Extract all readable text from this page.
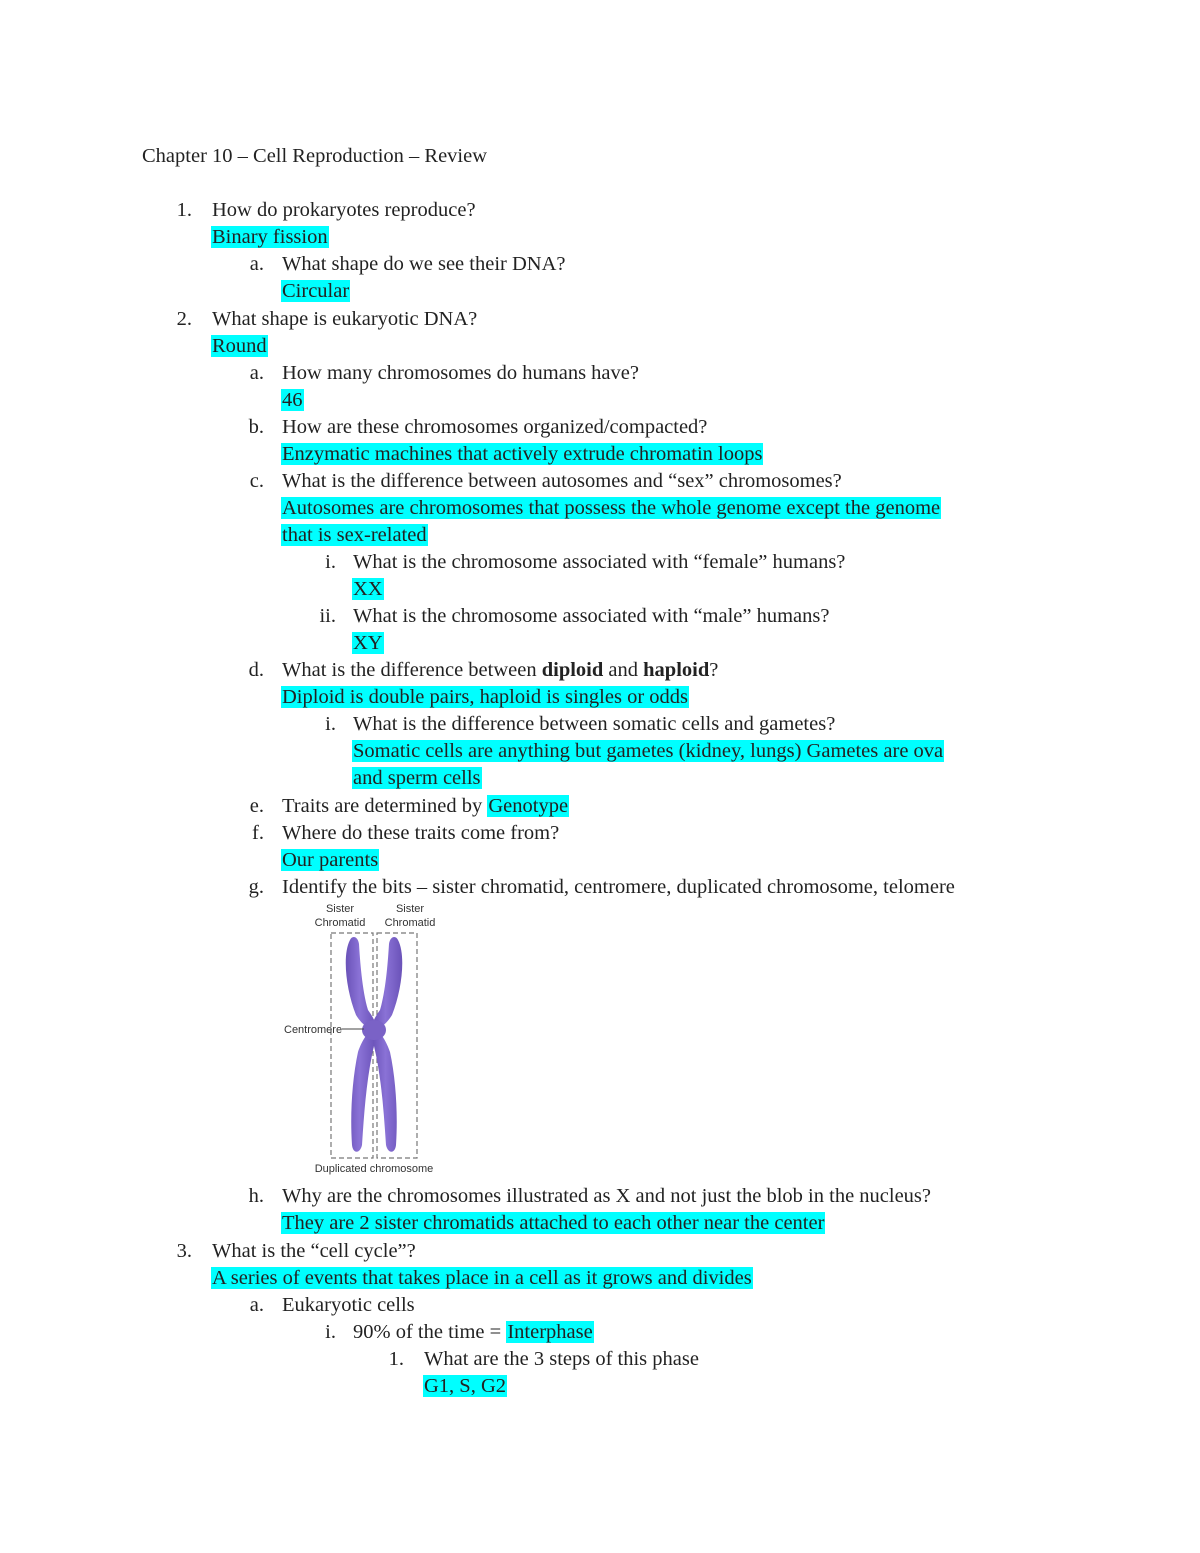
Chapter 10 – Cell Reproduction – Review
1. How do prokaryotes reproduce?
Binary fission
a. What shape do we see their DNA?
Circular
2. What shape is eukaryotic DNA?
Round
a. How many chromosomes do humans have?
46
b. How are these chromosomes organized/compacted?
Enzymatic machines that actively extrude chromatin loops
c. What is the difference between autosomes and “sex” chromosomes?
Autosomes are chromosomes that possess the whole genome except the genome
that is sex-related
i. What is the chromosome associated with “female” humans?
XX
ii. What is the chromosome associated with “male” humans?
XY
d. What is the difference between diploid and haploid?
Diploid is double pairs, haploid is singles or odds
i. What is the difference between somatic cells and gametes?
Somatic cells are anything but gametes (kidney, lungs) Gametes are ova
and sperm cells
e. Traits are determined by Genotype
f. Where do these traits come from?
Our parents
g. Identify the bits – sister chromatid, centromere, duplicated chromosome, telomere
Sister
Chromatid
Sister
Chromatid
Centromere
Duplicated chromosome
h. Why are the chromosomes illustrated as X and not just the blob in the nucleus?
They are 2 sister chromatids attached to each other near the center
3. What is the “cell cycle”?
A series of events that takes place in a cell as it grows and divides
a. Eukaryotic cells
i. 90% of the time = Interphase
1. What are the 3 steps of this phase
G1, S, G2
